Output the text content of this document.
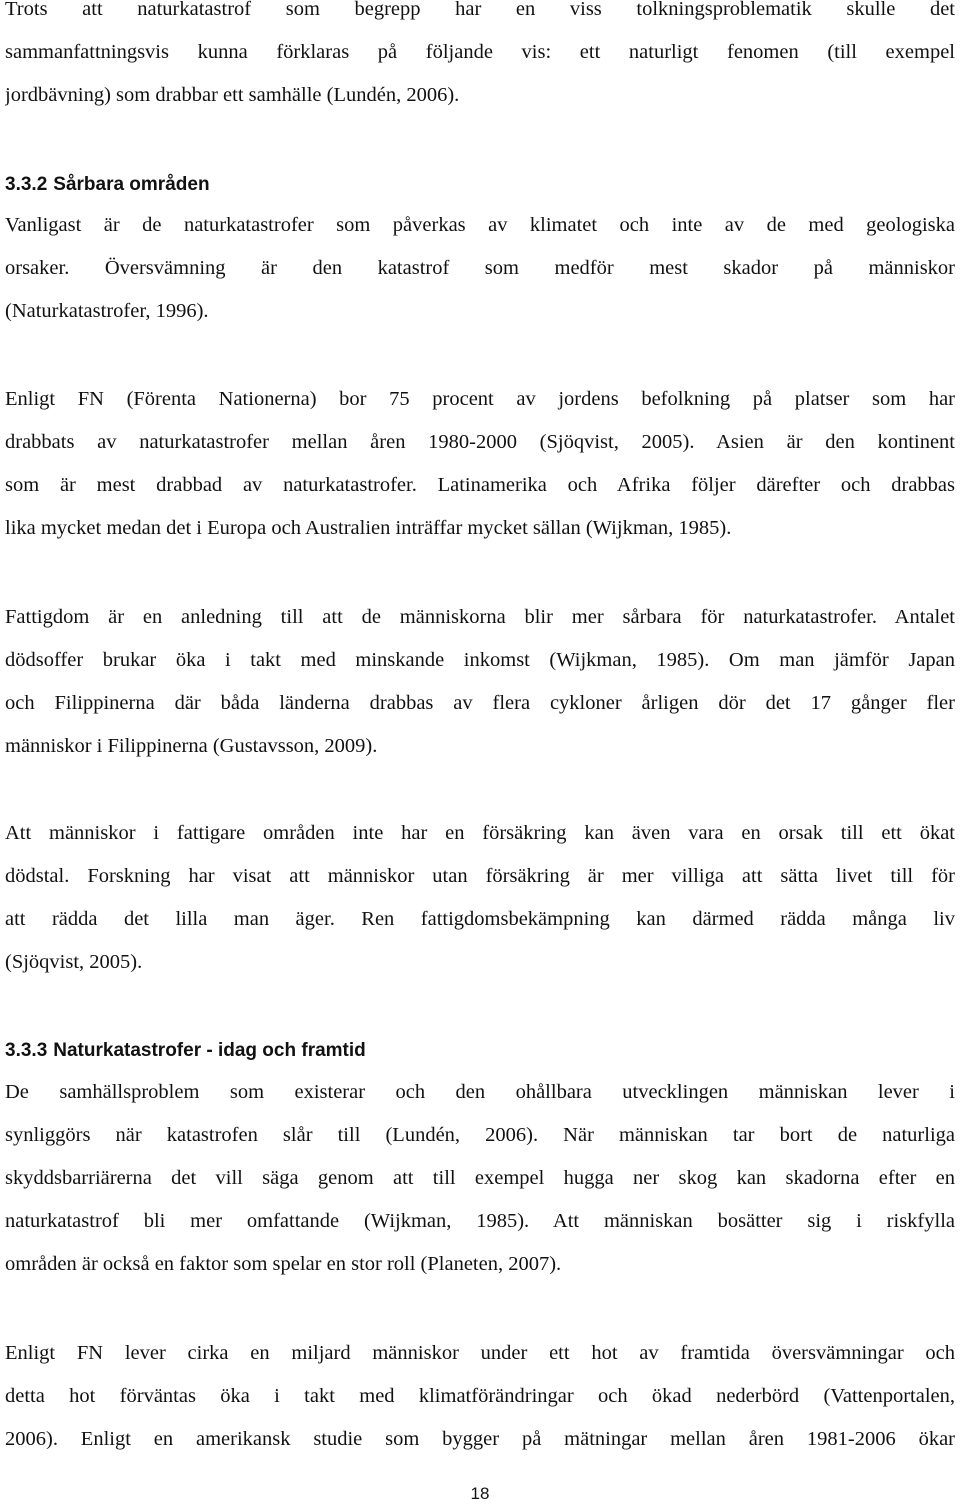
Trots att naturkatastrof som begrepp har en viss tolkningsproblematik skulle det
sammanfattningsvis kunna förklaras på följande vis: ett naturligt fenomen (till exempel
jordbävning) som drabbar ett samhälle (Lundén, 2006).

3.3.2 Sårbara områden

Vanligast är de naturkatastrofer som påverkas av klimatet och inte av de med geologiska
orsaker. Översvämning är den katastrof som medför mest skador på människor
(Naturkatastrofer, 1996).

Enligt FN (Förenta Nationerna) bor 75 procent av jordens befolkning på platser som har
drabbats av naturkatastrofer mellan åren 1980-2000 (Sjöqvist, 2005). Asien är den kontinent
som är mest drabbad av naturkatastrofer. Latinamerika och Afrika följer därefter och drabbas
lika mycket medan det i Europa och Australien inträffar mycket sällan (Wijkman, 1985).

Fattigdom är en anledning till att de människorna blir mer sårbara för naturkatastrofer. Antalet
dödsoffer brukar öka i takt med minskande inkomst (Wijkman, 1985). Om man jämför Japan
och Filippinerna där båda länderna drabbas av flera cykloner årligen dör det 17 gånger fler
människor i Filippinerna (Gustavsson, 2009).

Att människor i fattigare områden inte har en försäkring kan även vara en orsak till ett ökat
dödstal. Forskning har visat att människor utan försäkring är mer villiga att sätta livet till för
att rädda det lilla man äger. Ren fattigdomsbekämpning kan därmed rädda många liv
(Sjöqvist, 2005).

3.3.3 Naturkatastrofer - idag och framtid

De samhällsproblem som existerar och den ohållbara utvecklingen människan lever i
synliggörs när katastrofen slår till (Lundén, 2006). När människan tar bort de naturliga
skyddsbarriärerna det vill säga genom att till exempel hugga ner skog kan skadorna efter en
naturkatastrof bli mer omfattande (Wijkman, 1985). Att människan bosätter sig i riskfylla
områden är också en faktor som spelar en stor roll (Planeten, 2007).

Enligt FN lever cirka en miljard människor under ett hot av framtida översvämningar och
detta hot förväntas öka i takt med klimatförändringar och ökad nederbörd (Vattenportalen,
2006). Enligt en amerikansk studie som bygger på mätningar mellan åren 1981-2006 ökar

18
